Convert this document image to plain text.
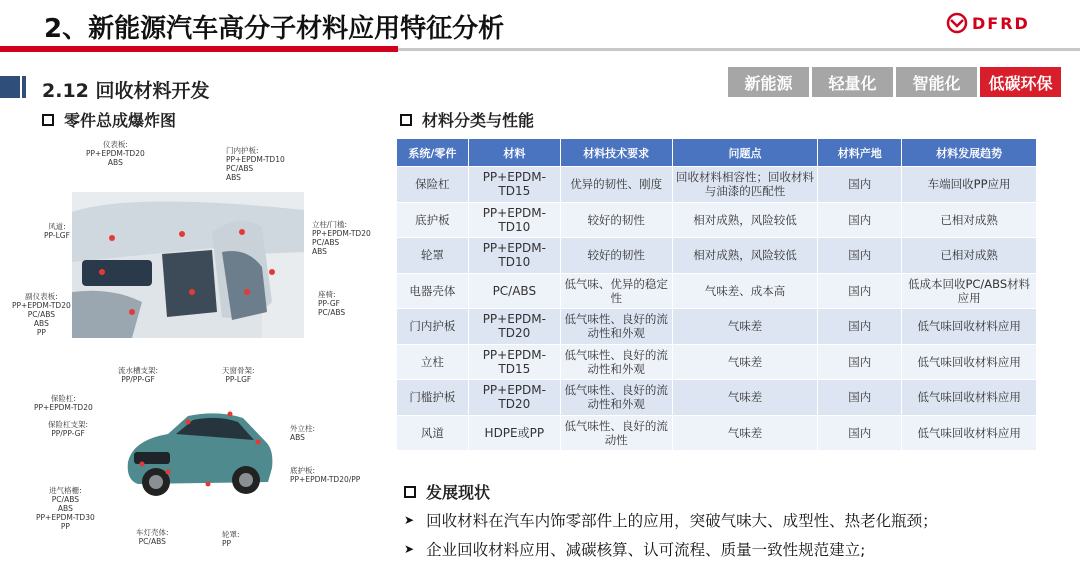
2、新能源汽车高分子材料应用特征分析	DFRD
2.12 回收材料开发	新能源	轻量化	智能化	低碳环保
零件总成爆炸图
仪表板:
PP+EPDM-TD20
ABS
门内护板:
PP+EPDM-TD10
PC/ABS
ABS
风道:
PP-LGF
立柱/门槛:
PP+EPDM-TD20
PC/ABS
ABS
副仪表板:
PP+EPDM-TD20
PC/ABS
ABS
PP
座椅:
PP-GF
PC/ABS
流水槽支架:
PP/PP-GF
天窗骨架:
PP-LGF
保险杠:
PP+EPDM-TD20
保险杠支架:
PP/PP-GF
外立柱:
ABS
进气格栅:
PC/ABS
ABS
PP+EPDM-TD30
PP
底护板:
PP+EPDM-TD20/PP
车灯壳体:
PC/ABS
轮罩:
PP
材料分类与性能
系统/零件	材料	材料技术要求	问题点	材料产地	材料发展趋势
保险杠	PP+EPDM-TD15	优异的韧性、刚度	回收材料相容性；回收材料与油漆的匹配性	国内	车端回收PP应用
底护板	PP+EPDM-TD10	较好的韧性	相对成熟，风险较低	国内	已相对成熟
轮罩	PP+EPDM-TD10	较好的韧性	相对成熟，风险较低	国内	已相对成熟
电器壳体	PC/ABS	低气味、优异的稳定性	气味差、成本高	国内	低成本回收PC/ABS材料应用
门内护板	PP+EPDM-TD20	低气味性、良好的流动性和外观	气味差	国内	低气味回收材料应用
立柱	PP+EPDM-TD15	低气味性、良好的流动性和外观	气味差	国内	低气味回收材料应用
门槛护板	PP+EPDM-TD20	低气味性、良好的流动性和外观	气味差	国内	低气味回收材料应用
风道	HDPE或PP	低气味性、良好的流动性	气味差	国内	低气味回收材料应用
发展现状
➤ 回收材料在汽车内饰零部件上的应用，突破气味大、成型性、热老化瓶颈；
➤ 企业回收材料应用、减碳核算、认可流程、质量一致性规范建立;
